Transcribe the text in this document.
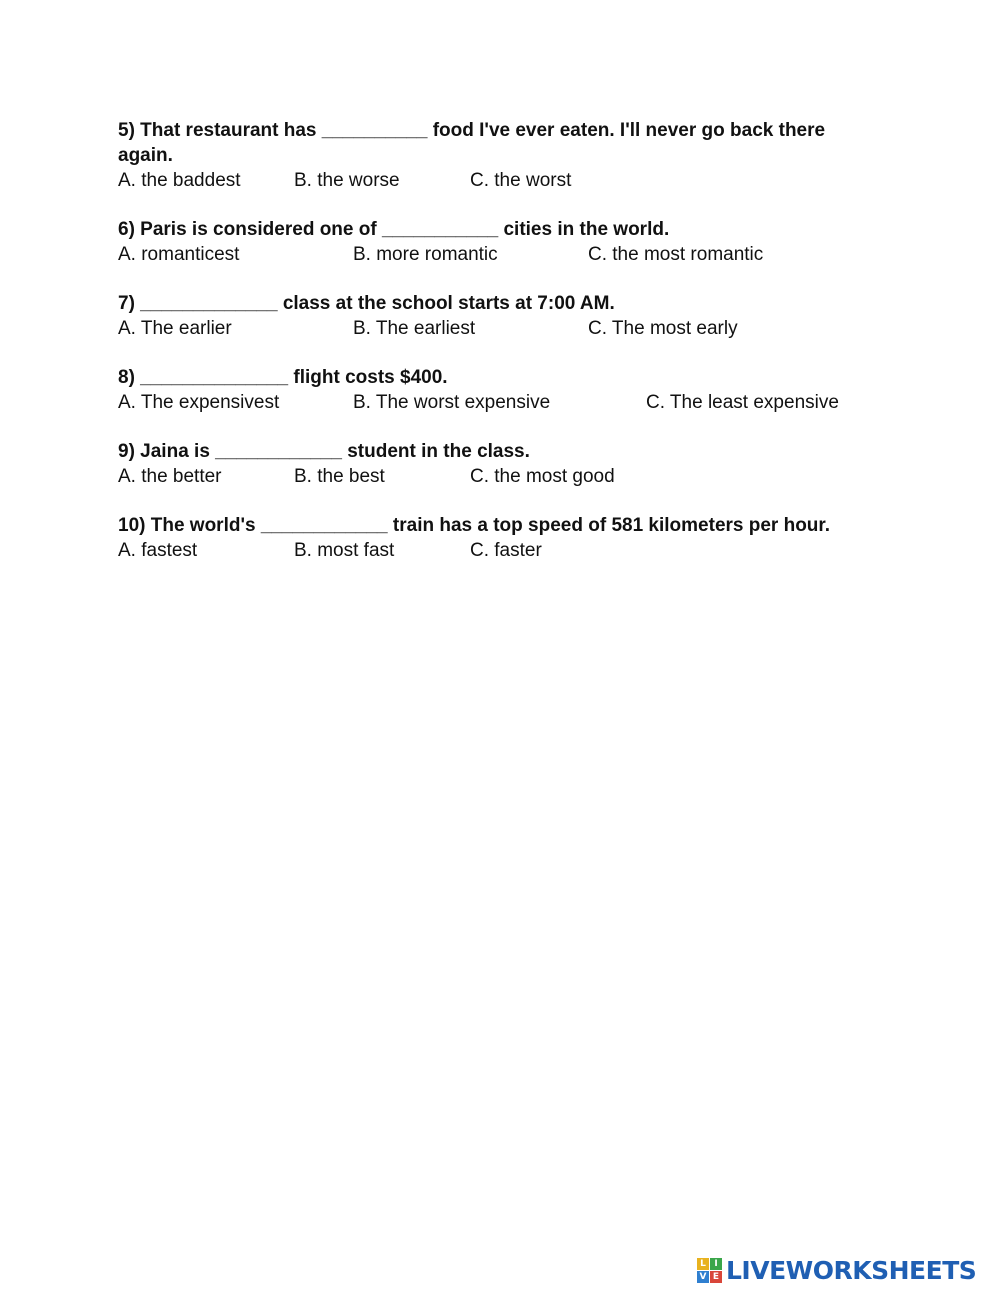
5) That restaurant has __________ food I've ever eaten. I'll never go back there again.
A. the baddest	B. the worse	C. the worst
6) Paris is considered one of ___________ cities in the world.
A. romanticest	B. more romantic	C. the most romantic
7) _____________ class at the school starts at 7:00 AM.
A. The earlier	B. The earliest	C. The most early
8) ______________ flight costs $400.
A. The expensivest	B. The worst expensive	C. The least expensive
9) Jaina is ____________ student in the class.
A. the better	B. the best	C. the most good
10) The world's ____________ train has a top speed of 581 kilometers per hour.
A. fastest	B. most fast	C. faster
L I
V E LIVEWORKSHEETS
